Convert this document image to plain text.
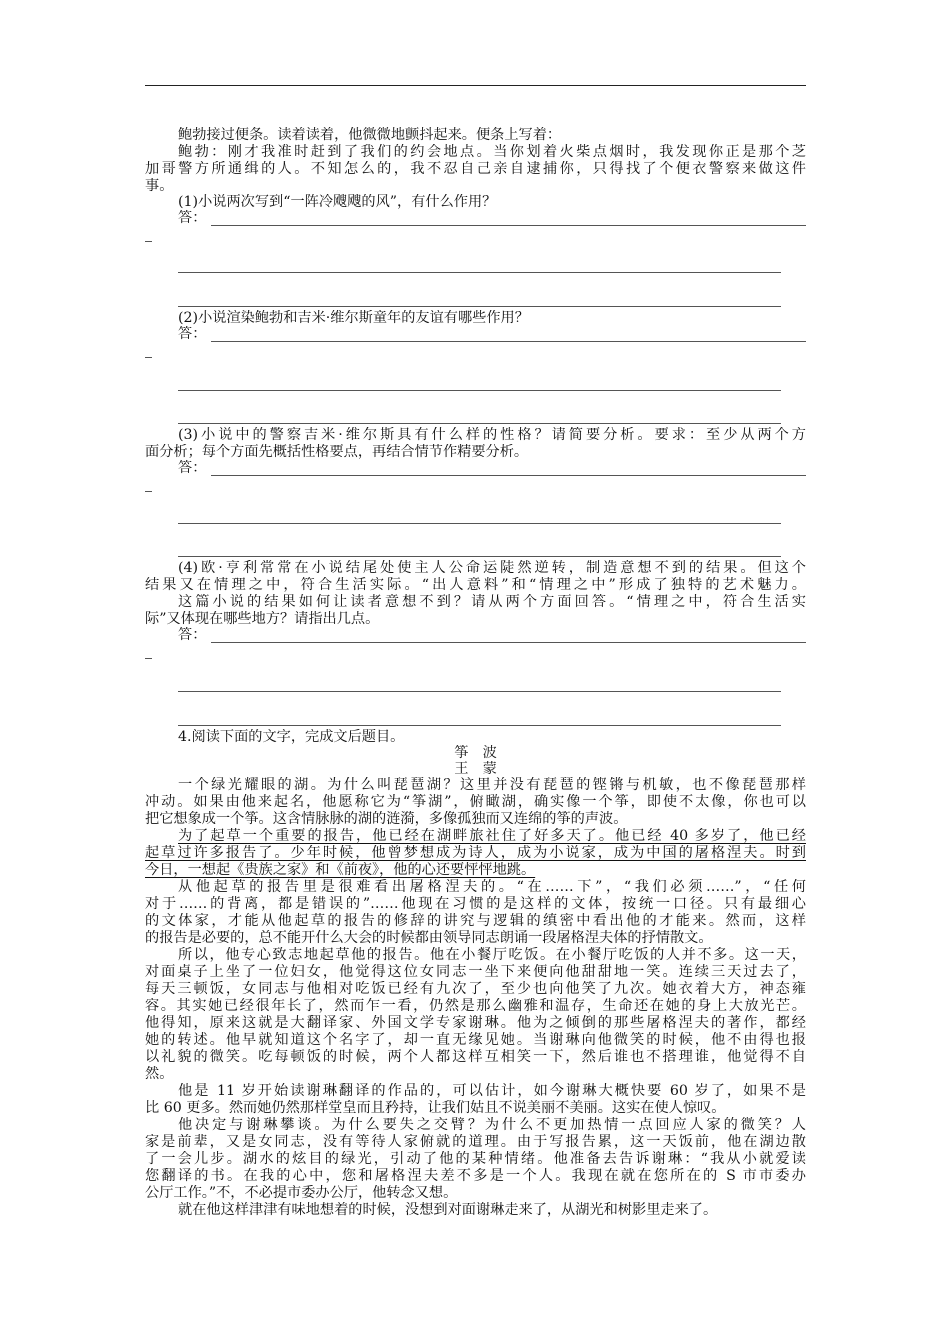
鲍勃接过便条。读着读着，他微微地颤抖起来。便条上写着：
鲍勃：刚才我准时赶到了我们的约会地点。当你划着火柴点烟时，我发现你正是那个芝
加哥警方所通缉的人。不知怎么的，我不忍自己亲自逮捕你，只得找了个便衣警察来做这件
事。
(1)小说两次写到“一阵冷飕飕的风”，有什么作用？
答：
(2)小说渲染鲍勃和吉米·维尔斯童年的友谊有哪些作用？
答：
(3)小说中的警察吉米·维尔斯具有什么样的性格？请简要分析。要求：至少从两个方
面分析；每个方面先概括性格要点，再结合情节作精要分析。
答：
(4)欧·亨利常常在小说结尾处使主人公命运陡然逆转，制造意想不到的结果。但这个
结果又在情理之中，符合生活实际。“出人意料”和“情理之中”形成了独特的艺术魅力。
这篇小说的结果如何让读者意想不到？请从两个方面回答。“情理之中，符合生活实
际”又体现在哪些地方？请指出几点。
答：
4.阅读下面的文字，完成文后题目。
筝　波
王　蒙
一个绿光耀眼的湖。为什么叫琵琶湖？这里并没有琵琶的铿锵与机敏，也不像琵琶那样
冲动。如果由他来起名，他愿称它为“筝湖”，俯瞰湖，确实像一个筝，即使不太像，你也可以
把它想象成一个筝。这含情脉脉的湖的涟漪，多像孤独而又连绵的筝的声波。
为了起草一个重要的报告，他已经在湖畔旅社住了好多天了。他已经 40 多岁了，他已经
起草过许多报告了。少年时候，他曾梦想成为诗人，成为小说家，成为中国的屠格涅夫。时到
今日，一想起《贵族之家》和《前夜》，他的心还要怦怦地跳。
从他起草的报告里是很难看出屠格涅夫的。“在……下”，“我们必须……”，“任何
对于……的背离，都是错误的”……他现在习惯的是这样的文体，按统一口径。只有最细心
的文体家，才能从他起草的报告的修辞的讲究与逻辑的缜密中看出他的才能来。然而，这样
的报告是必要的，总不能开什么大会的时候都由领导同志朗诵一段屠格涅夫体的抒情散文。
所以，他专心致志地起草他的报告。他在小餐厅吃饭。在小餐厅吃饭的人并不多。这一天，
对面桌子上坐了一位妇女，他觉得这位女同志一坐下来便向他甜甜地一笑。连续三天过去了，
每天三顿饭，女同志与他相对吃饭已经有九次了，至少也向他笑了九次。她衣着大方，神态雍
容。其实她已经很年长了，然而乍一看，仍然是那么幽雅和温存，生命还在她的身上大放光芒。
他得知，原来这就是大翻译家、外国文学专家谢琳。他为之倾倒的那些屠格涅夫的著作，都经
她的转述。他早就知道这个名字了，却一直无缘见她。当谢琳向他微笑的时候，他不由得也报
以礼貌的微笑。吃每顿饭的时候，两个人都这样互相笑一下，然后谁也不搭理谁，他觉得不自
然。
他是 11 岁开始读谢琳翻译的作品的，可以估计，如今谢琳大概快要 60 岁了，如果不是
比 60 更多。然而她仍然那样堂皇而且矜持，让我们姑且不说美丽不美丽。这实在使人惊叹。
他决定与谢琳攀谈。为什么要失之交臂？为什么不更加热情一点回应人家的微笑？人
家是前辈，又是女同志，没有等待人家俯就的道理。由于写报告累，这一天饭前，他在湖边散
了一会儿步。湖水的炫目的绿光，引动了他的某种情绪。他准备去告诉谢琳：“我从小就爱读
您翻译的书。在我的心中，您和屠格涅夫差不多是一个人。我现在就在您所在的 S 市市委办
公厅工作。”不，不必提市委办公厅，他转念又想。
就在他这样津津有味地想着的时候，没想到对面谢琳走来了，从湖光和树影里走来了。
